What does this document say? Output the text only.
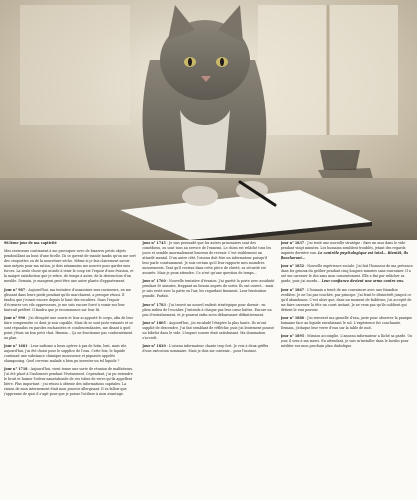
983ème jour de ma captivité

Mes ravisseurs continuent à me provoquer avec de bizarres petits objets pendouillant au bout d'une ficelle. Ils se gavent de viande tandis qu'on me sert des croquettes ou de la nourriture sèche. Même si je fais clairement savoir mon mépris pour ma ration, je dois néanmoins me nourrir pour garder mes forces. La seule chose qui m'aide à tenir le coup est l'espoir d'une évasion, et la maigre satisfaction que je retire, de temps à autre, de la destruction d'un meuble. Demain, je mangerai peut-être une autre plante d'appartement.

Jour n° 987 : Aujourd'hui, ma tentative d'assassiner mes ravisseurs, en me glissant dans leurs pieds pendant qu'ils marchaient, a presque réussi. Il faudra que j'essaie encore depuis le haut des escaliers. Dans l'espoir d'écœurer ces vils oppresseurs, je me suis encore forcé à vomir sur leur fauteuil préféré. Il faudra que je recommence sur leur lit.

Jour n° 990 : J'ai décapité une souris et leur ai apporté le corps, afin de leur faire comprendre ce dont je suis capable. Mais ils se sont juste extasiés et se sont répandus en paroles enchantées et condescendantes, me disant à quel point j'étais un bon petit chat. Hmmm... Ça ne fonctionne pas conformément au plan.

Jour n° 1681 : Leur sadisme a beau opérer à pas de lutin, lent, mais sûr, aujourd'hui, j'ai été choisi pour le supplice de l'eau. Cette fois, le liquide contenait une substance chimique mousseuse et piquante appelée shampooing. Quel cerveau malade a bien pu inventer un tel liquide ?

Jour n° 1718 : Aujourd'hui, vient tenue une sorte de réunion de malfaiteurs. J'ai été placé à l'isolement pendant l'événement. Cependant, j'ai pu entendre le bruit et humer l'odeur nauséabonde de ces tubes de verre qu'ils appellent bière. Plus important : j'ai réussi à obtenir des informations capitales. La raison de mon internement était mon pouvoir allergisant. Il va falloir que j'apprenne de quoi il s'agit pour que je puisse l'utiliser à mon avantage.

Jour n° 1745 : Je suis persuadé que les autres prisonniers sont des comédiens, ou sont tous au service de l'ennemi. Le chien est relâché tous les jours et semble anormalement heureux de revenir. C'est visiblement un attardé mental. D'un autre côté, l'oiseau doit être un informateur puisqu'il leur parle constamment. Je suis certain qu'il leur rapporte mes moindres mouvements. Tant qu'il restera dans cette pièce de sûreté, sa sécurité est assurée. Mais je peux attendre. Ce n'est qu'une question de temps...

Jour n° 1760 : Nouvelle tentative d'évasion. J'ai guetté la porte avec assiduité pendant 50 minutes, frappant au besoin auprès de sortir. Ils ont ouvert... mais je suis resté avec la patte en l'air, les regardant fixement. Leur frustration grandit. Parfait.

Jour n° 1783 : J'ai trouvé un nouvel endroit stratégique pour dormir : en plein milieu de l'escalier. J'entends à chaque pas leur cœur battre. Encore un peu d'entraînement, et je pourrai enfin m'en débarrasser définitivement.

Jour n° 1805 : Aujourd'hui, j'ai escaladé l'étagère la plus haute. Ils m'ont supplié de descendre. J'ai fait semblant de réfléchir, puis j'ai lentement poussé un bibelot dans le vide. L'impact sonore était satisfaisant. Ma domination s'accroît.

Jour n° 1820 : L'oiseau informateur chante trop fort. Je vois à deux griffes d'une exécution sommaire. Mais je dois me contenir... pour l'instant.

Jour n° 1837 : J'ai testé une nouvelle stratégie : fixer un mur dans le vide pendant vingt minutes. Les humains semblent troublés, jetant des regards inquiets derrière eux. Le contrôle psychologique est total... Bientôt, ils flancheront...

Jour n° 1852 : Nouvelle expérience sociale. J'ai fait l'honneur de ma présence dans les genoux du geôlier pendant cinq longues minutes sans ronronner. Il a osé me caresser le dos sans mon consentement. Elle a fini par relâcher sa garde, puis j'ai mordu... Leur confiance devient une arme contre eux.

Jour n° 1867 : L'humain a tenté de me convaincre avec une friandise verdâtre. Je ne l'ai pas touchée, par principe. J'ai feint le désintérêt jusqu'à ce qu'il abandonne. C'est alors que, dans un moment de faiblesse, j'ai accepté de me faire caresser la tête un court instant. Je ne veux pas qu'ils oublient qui détient le vrai pouvoir.

Jour n° 1880 : J'ai renversé ma gamelle d'eau, juste pour observer la panique humaine face au liquide envahissant le sol. L'expérience fut concluante. Demain, j'attaque leur verre d'eau sur la table de nuit.

Jour n° 1895 : Mission accomplie. L'anneau informateur a lâché sa garde. Un jour, il sera à ma merci. En attendant, je vais m'installer dans le lavabo pour méditer sur mon prochain plan diabolique.
